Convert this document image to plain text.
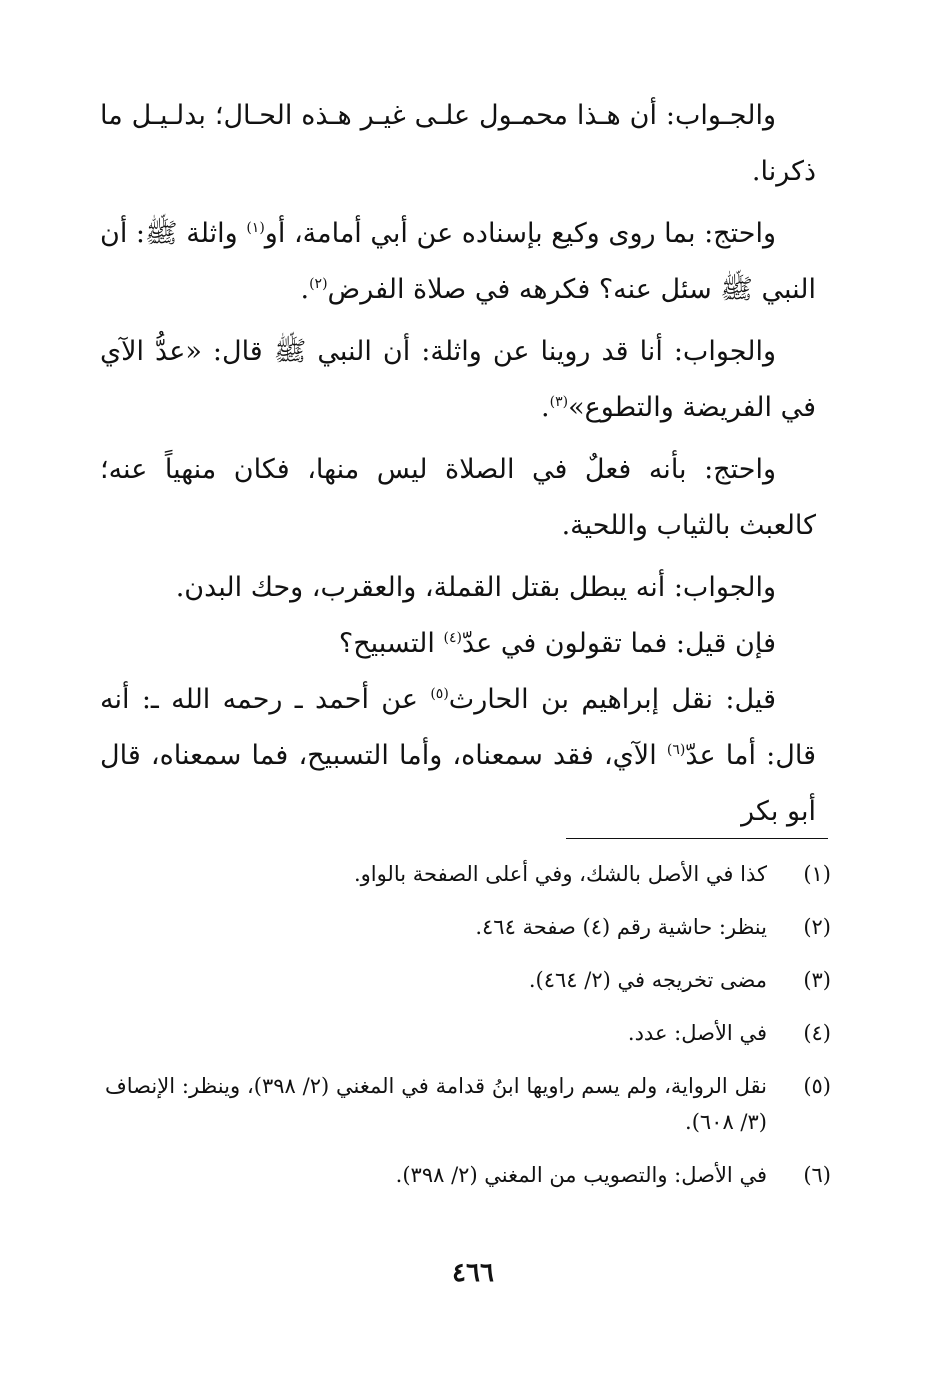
والجـواب: أن هـذا محمـول علـى غيـر هـذه الحـال؛ بدلـيـل ما ذكرنا.

واحتج: بما روى وكيع بإسناده عن أبي أمامة، أو$^{(١)}$ واثلة ﷺ: أن النبي ﷺ سئل عنه؟ فكرهه في صلاة الفرض$^{(٢)}$.

والجواب: أنا قد روينا عن واثلة: أن النبي ﷺ قال: «عدُّ الآي في الفريضة والتطوع»$^{(٣)}$.

واحتج: بأنه فعلٌ في الصلاة ليس منها، فكان منهياً عنه؛ كالعبث بالثياب واللحية.

والجواب: أنه يبطل بقتل القملة، والعقرب، وحك البدن.

فإن قيل: فما تقولون في عدّ$^{(٤)}$ التسبيح؟

قيل: نقل إبراهيم بن الحارث$^{(٥)}$ عن أحمد ـ رحمه الله ـ: أنه قال: أما عدّ$^{(٦)}$ الآي، فقد سمعناه، وأما التسبيح، فما سمعناه، قال أبو بكر

(١)
كذا في الأصل بالشك، وفي أعلى الصفحة بالواو.
(٢)
ينظر: حاشية رقم (٤) صفحة ٤٦٤.
(٣)
مضى تخريجه في (٢/ ٤٦٤).
(٤)
في الأصل: عدد.
(٥)
نقل الرواية، ولم يسم راويها ابنُ قدامة في المغني (٢/ ٣٩٨)، وينظر: الإنصاف (٣/ ٦٠٨).
(٦)
في الأصل: والتصويب من المغني (٢/ ٣٩٨).
٤٦٦
